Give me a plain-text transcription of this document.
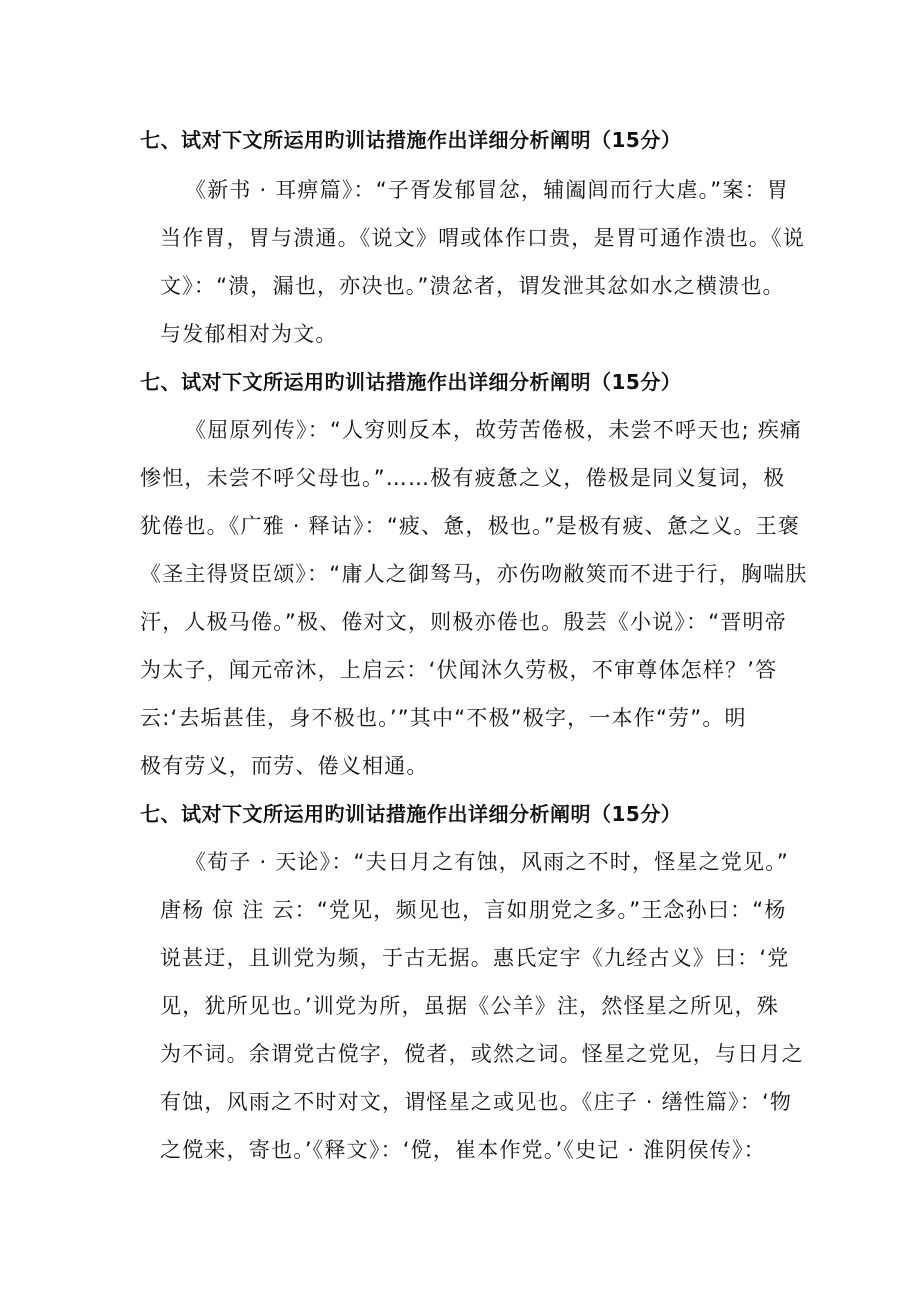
七、试对下文所运用旳训诂措施作出详细分析阐明（15分）
《新书 · 耳痹篇》：“子胥发郁冒忿，辅阖闾而行大虐。”案：胃
当作胃，胃与溃通。《说文》喟或体作口贵，是胃可通作溃也。《说
文》：“溃，漏也，亦决也。”溃忿者，谓发泄其忿如水之横溃也。
与发郁相对为文。
七、试对下文所运用旳训诂措施作出详细分析阐明（15分）
《屈原列传》：“人穷则反本，故劳苦倦极，未尝不呼天也; 疾痛
惨怛，未尝不呼父母也。”……极有疲惫之义，倦极是同义复词，极
犹倦也。《广雅 · 释诂》：“疲、惫，极也。”是极有疲、惫之义。王褒
《圣主得贤臣颂》：“庸人之御驽马，亦伤吻敝筴而不进于行，胸喘肤
汗，人极马倦。”极、倦对文，则极亦倦也。殷芸《小说》：“晋明帝
为太子，闻元帝沐，上启云：‘伏闻沐久劳极，不审尊体怎样？’答
云:‘去垢甚佳，身不极也。’”其中“不极”极字，一本作“劳”。明
极有劳义，而劳、倦义相通。
七、试对下文所运用旳训诂措施作出详细分析阐明（15分）
《荀子 · 天论》：“夫日月之有蚀，风雨之不时，怪星之党见。”
唐杨 倞 注 云：“党见，频见也，言如朋党之多。”王念孙曰：“杨
说甚迂，且训党为频，于古无据。惠氏定宇《九经古义》曰：‘党
见，犹所见也。’训党为所，虽据《公羊》注，然怪星之所见，殊
为不词。余谓党古傥字，傥者，或然之词。怪星之党见，与日月之
有蚀，风雨之不时对文，谓怪星之或见也。《庄子 · 缮性篇》：‘物
之傥来，寄也。’《释文》：‘傥，崔本作党。’《史记 · 淮阴侯传》：
